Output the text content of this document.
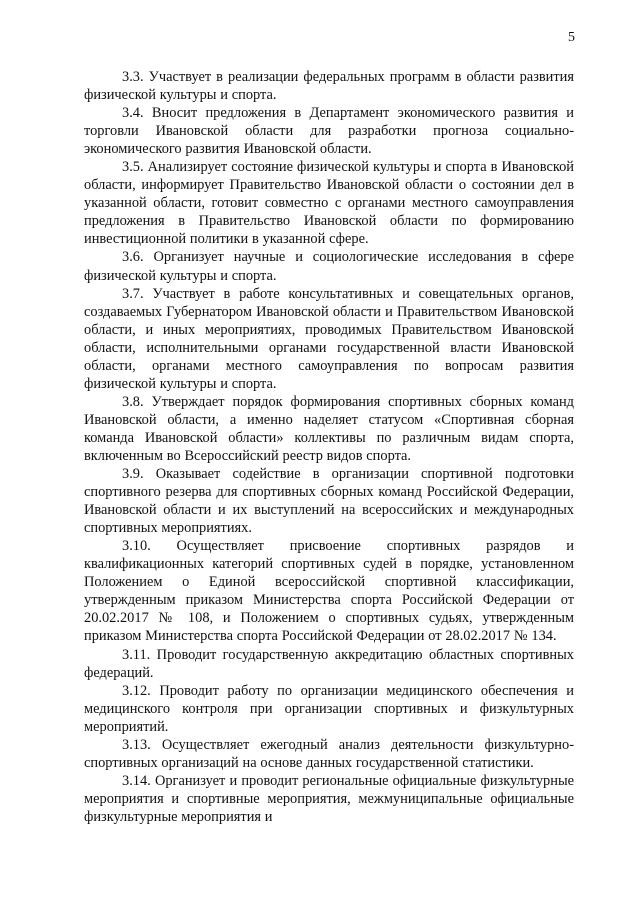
5

3.3. Участвует в реализации федеральных программ в области развития физической культуры и спорта.

3.4. Вносит предложения в Департамент экономического развития и торговли Ивановской области для разработки прогноза социально-экономического развития Ивановской области.

3.5. Анализирует состояние физической культуры и спорта в Ивановской области, информирует Правительство Ивановской области о состоянии дел в указанной области, готовит совместно с органами местного самоуправления предложения в Правительство Ивановской области по формированию инвестиционной политики в указанной сфере.

3.6. Организует научные и социологические исследования в сфере физической культуры и спорта.

3.7. Участвует в работе консультативных и совещательных органов, создаваемых Губернатором Ивановской области и Правительством Ивановской области, и иных мероприятиях, проводимых Правительством Ивановской области, исполнительными органами государственной власти Ивановской области, органами местного самоуправления по вопросам развития физической культуры и спорта.

3.8. Утверждает порядок формирования спортивных сборных команд Ивановской области, а именно наделяет статусом «Спортивная сборная команда Ивановской области» коллективы по различным видам спорта, включенным во Всероссийский реестр видов спорта.

3.9. Оказывает содействие в организации спортивной подготовки спортивного резерва для спортивных сборных команд Российской Федерации, Ивановской области и их выступлений на всероссийских и международных спортивных мероприятиях.

3.10. Осуществляет присвоение спортивных разрядов и квалификационных категорий спортивных судей в порядке, установленном Положением о Единой всероссийской спортивной классификации, утвержденным приказом Министерства спорта Российской Федерации от 20.02.2017 № 108, и Положением о спортивных судьях, утвержденным приказом Министерства спорта Российской Федерации от 28.02.2017 № 134.

3.11. Проводит государственную аккредитацию областных спортивных федераций.

3.12. Проводит работу по организации медицинского обеспечения и медицинского контроля при организации спортивных и физкультурных мероприятий.

3.13. Осуществляет ежегодный анализ деятельности физкультурно-спортивных организаций на основе данных государственной статистики.

3.14. Организует и проводит региональные официальные физкультурные мероприятия и спортивные мероприятия, межмуниципальные официальные физкультурные мероприятия и
